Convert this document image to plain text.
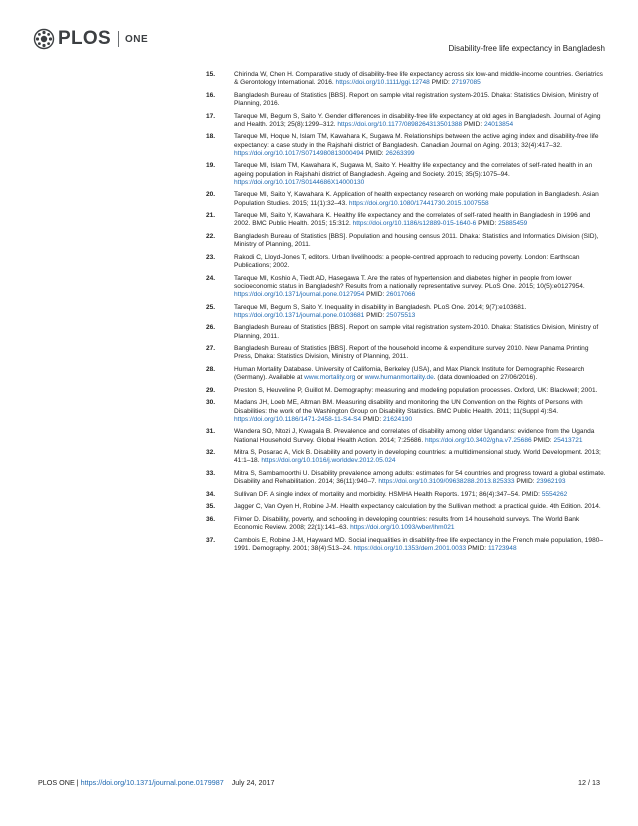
PLOS ONE
Disability-free life expectancy in Bangladesh
15.	Chirinda W, Chen H. Comparative study of disability-free life expectancy across six low-and middle-income countries. Geriatrics & Gerontology International. 2016. https://doi.org/10.1111/ggi.12748 PMID: 27197085
16.	Bangladesh Bureau of Statistics [BBS]. Report on sample vital registration system-2015. Dhaka: Statistics Division, Ministry of Planning, 2016.
17.	Tareque MI, Begum S, Saito Y. Gender differences in disability-free life expectancy at old ages in Bangladesh. Journal of Aging and Health. 2013; 25(8):1299–312. https://doi.org/10.1177/0898264313501388 PMID: 24013854
18.	Tareque MI, Hoque N, Islam TM, Kawahara K, Sugawa M. Relationships between the active aging index and disability-free life expectancy: a case study in the Rajshahi district of Bangladesh. Canadian Journal on Aging. 2013; 32(4):417–32. https://doi.org/10.1017/S0714980813000494 PMID: 26263399
19.	Tareque MI, Islam TM, Kawahara K, Sugawa M, Saito Y. Healthy life expectancy and the correlates of self-rated health in an ageing population in Rajshahi district of Bangladesh. Ageing and Society. 2015; 35(5):1075–94. https://doi.org/10.1017/S0144686X14000130
20.	Tareque MI, Saito Y, Kawahara K. Application of health expectancy research on working male population in Bangladesh. Asian Population Studies. 2015; 11(1):32–43. https://doi.org/10.1080/17441730.2015.1007558
21.	Tareque MI, Saito Y, Kawahara K. Healthy life expectancy and the correlates of self-rated health in Bangladesh in 1996 and 2002. BMC Public Health. 2015; 15:312. https://doi.org/10.1186/s12889-015-1640-6 PMID: 25885459
22.	Bangladesh Bureau of Statistics [BBS]. Population and housing census 2011. Dhaka: Statistics and Informatics Division (SID), Ministry of Planning, 2011.
23.	Rakodi C, Lloyd-Jones T, editors. Urban livelihoods: a people-centred approach to reducing poverty. London: Earthscan Publications; 2002.
24.	Tareque MI, Koshio A, Tiedt AD, Hasegawa T. Are the rates of hypertension and diabetes higher in people from lower socioeconomic status in Bangladesh? Results from a nationally representative survey. PLoS One. 2015; 10(5):e0127954. https://doi.org/10.1371/journal.pone.0127954 PMID: 26017066
25.	Tareque MI, Begum S, Saito Y. Inequality in disability in Bangladesh. PLoS One. 2014; 9(7):e103681. https://doi.org/10.1371/journal.pone.0103681 PMID: 25075513
26.	Bangladesh Bureau of Statistics [BBS]. Report on sample vital registration system-2010. Dhaka: Statistics Division, Ministry of Planning, 2011.
27.	Bangladesh Bureau of Statistics [BBS]. Report of the household income & expenditure survey 2010. New Panama Printing Press, Dhaka: Statistics Division, Ministry of Planning, 2011.
28.	Human Mortality Database. University of California, Berkeley (USA), and Max Planck Institute for Demographic Research (Germany). Available at www.mortality.org or www.humanmortality.de. (data downloaded on 27/06/2016).
29.	Preston S, Heuveline P, Guillot M. Demography: measuring and modeling population processes. Oxford, UK: Blackwell; 2001.
30.	Madans JH, Loeb ME, Altman BM. Measuring disability and monitoring the UN Convention on the Rights of Persons with Disabilities: the work of the Washington Group on Disability Statistics. BMC Public Health. 2011; 11(Suppl 4):S4. https://doi.org/10.1186/1471-2458-11-S4-S4 PMID: 21624190
31.	Wandera SO, Ntozi J, Kwagala B. Prevalence and correlates of disability among older Ugandans: evidence from the Uganda National Household Survey. Global Health Action. 2014; 7:25686. https://doi.org/10.3402/gha.v7.25686 PMID: 25413721
32.	Mitra S, Posarac A, Vick B. Disability and poverty in developing countries: a multidimensional study. World Development. 2013; 41:1–18. https://doi.org/10.1016/j.worlddev.2012.05.024
33.	Mitra S, Sambamoorthi U. Disability prevalence among adults: estimates for 54 countries and progress toward a global estimate. Disability and Rehabilitation. 2014; 36(11):940–7. https://doi.org/10.3109/09638288.2013.825333 PMID: 23962193
34.	Sullivan DF. A single index of mortality and morbidity. HSMHA Health Reports. 1971; 86(4):347–54. PMID: 5554262
35.	Jagger C, Van Oyen H, Robine J-M. Health expectancy calculation by the Sullivan method: a practical guide. 4th Edition. 2014.
36.	Filmer D. Disability, poverty, and schooling in developing countries: results from 14 household surveys. The World Bank Economic Review. 2008; 22(1):141–63. https://doi.org/10.1093/wber/lhm021
37.	Cambois E, Robine J-M, Hayward MD. Social inequalities in disability-free life expectancy in the French male population, 1980–1991. Demography. 2001; 38(4):513–24. https://doi.org/10.1353/dem.2001.0033 PMID: 11723948
PLOS ONE | https://doi.org/10.1371/journal.pone.0179987 July 24, 2017	12 / 13
